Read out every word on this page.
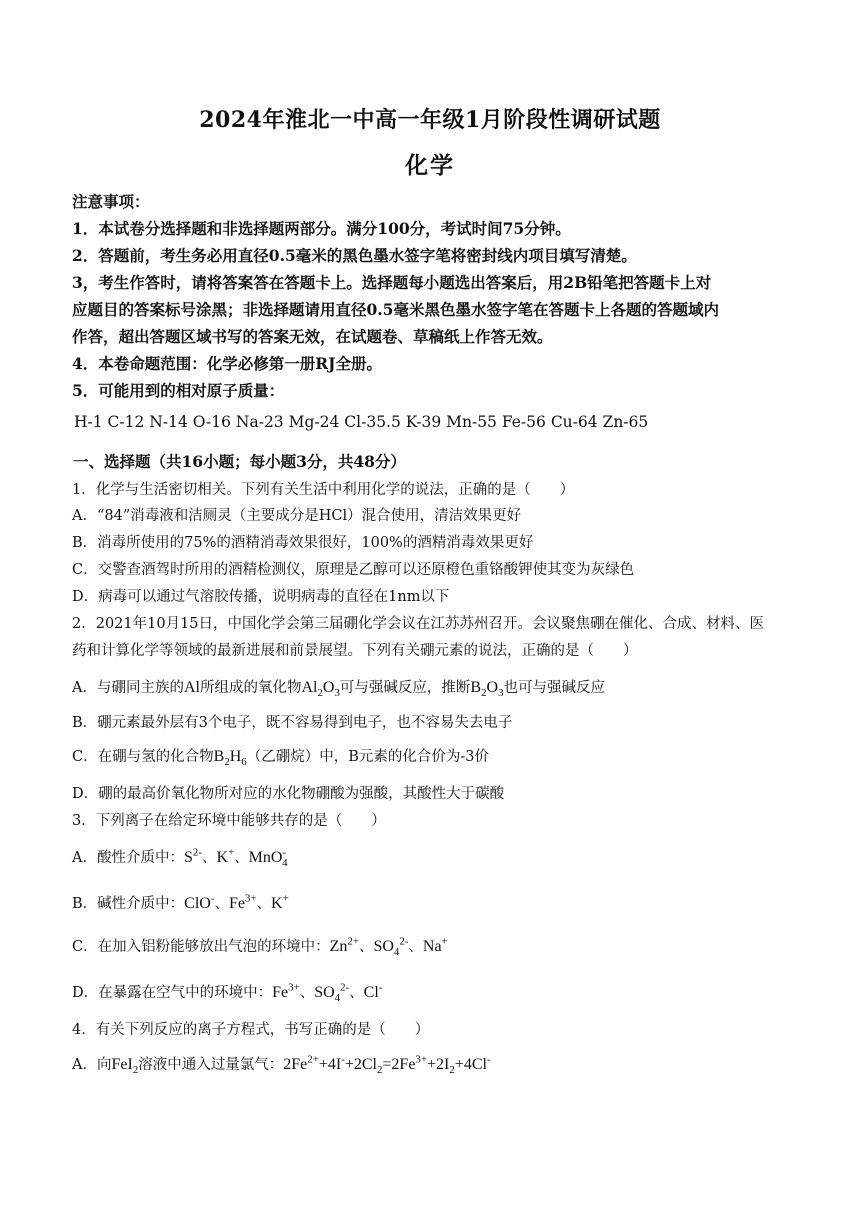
2024年淮北一中高一年级1月阶段性调研试题
化学
注意事项：
1．本试卷分选择题和非选择题两部分。满分100分，考试时间75分钟。
2．答题前，考生务必用直径0.5毫米的黑色墨水签字笔将密封线内项目填写清楚。
3，考生作答时，请将答案答在答题卡上。选择题每小题选出答案后，用2B铅笔把答题卡上对
应题目的答案标号涂黑；非选择题请用直径0.5毫米黑色墨水签字笔在答题卡上各题的答题域内
作答，超出答题区域书写的答案无效，在试题卷、草稿纸上作答无效。
4．本卷命题范围：化学必修第一册RJ全册。
5．可能用到的相对原子质量：
H-1 C-12 N-14 O-16 Na-23 Mg-24 Cl-35.5 K-39 Mn-55 Fe-56 Cu-64 Zn-65
一、选择题（共16小题；每小题3分，共48分）
1．化学与生活密切相关。下列有关生活中利用化学的说法，正确的是（　　）
A．“84”消毒液和洁厕灵（主要成分是HCl）混合使用，清洁效果更好
B．消毒所使用的75%的酒精消毒效果很好，100%的酒精消毒效果更好
C．交警查酒驾时所用的酒精检测仪，原理是乙醇可以还原橙色重铬酸钾使其变为灰绿色
D．病毒可以通过气溶胶传播，说明病毒的直径在1nm以下
2．2021年10月15日，中国化学会第三届硼化学会议在江苏苏州召开。会议聚焦硼在催化、合成、材料、医
药和计算化学等领域的最新进展和前景展望。下列有关硼元素的说法，正确的是（　　）
A．与硼同主族的Al所组成的氧化物$Al_2O_3$可与强碱反应，推断$B_2O_3$也可与强碱反应
B．硼元素最外层有3个电子，既不容易得到电子，也不容易失去电子
C．在硼与氢的化合物$B_2H_6$（乙硼烷）中，B元素的化合价为-3价
D．硼的最高价氧化物所对应的水化物硼酸为强酸，其酸性大于碳酸
3．下列离子在给定环境中能够共存的是（　　）
A．酸性介质中：$S^{2-}$、K+、MnO-$_4$
B．碱性介质中：ClO-、$Fe^{3+}$、K+
C．在加入铝粉能够放出气泡的环境中：$Zn^{2+}$、$SO_4^{2-}$、Na+
D．在暴露在空气中的环境中：$Fe^{3+}$、$SO_4^{2-}$、Cl-
4．有关下列反应的离子方程式，书写正确的是（　　）
A．向FeI$_2$溶液中通入过量氯气：$2Fe^{2+}+4I^-+2Cl_2=2Fe^{3+}+2I_2+4Cl^-$
